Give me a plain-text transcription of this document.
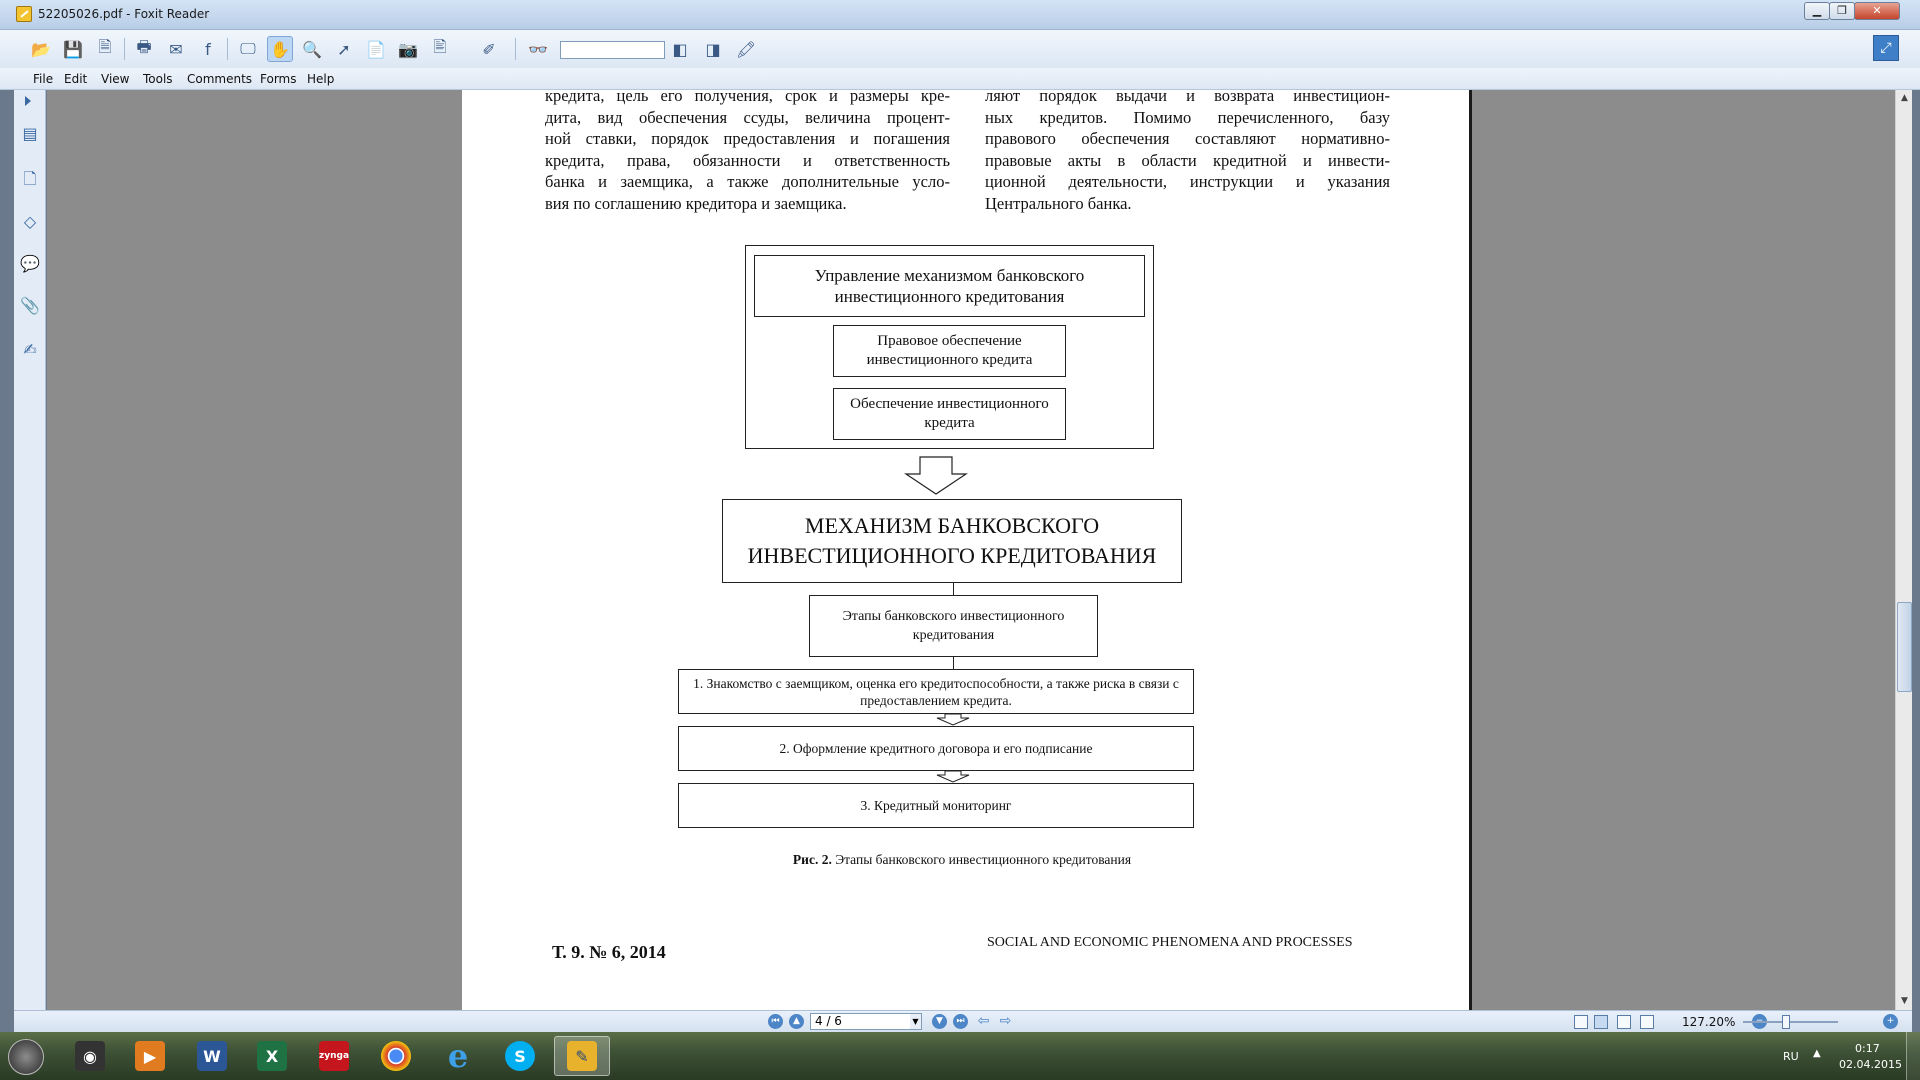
52205026.pdf - Foxit Reader	▁	❐	✕
📂 💾 🗎	🖶	✉	f	🖵 ✋ 🔍 ➚ 📄 📷 🖹	✐	👓	◧	◨ 🖍	⤢
File Edit View Tools Comments Forms Help
▤
🗋
◇
💬
📎
✍
кредита, цель его получения, срок и размеры кре-
дита, вид обеспечения ссуды, величина процент-
ной ставки, порядок предоставления и погашения
кредита, права, обязанности и ответственность
банка и заемщика, а также дополнительные усло-
вия по соглашению кредитора и заемщика.
ляют порядок выдачи и возврата инвестицион-
ных кредитов. Помимо перечисленного, базу
правового обеспечения составляют нормативно-
правовые акты в области кредитной и инвести-
ционной деятельности, инструкции и указания
Центрального банка.
Управление механизмом банковского инвестиционного кредитования
Правовое обеспечение инвестиционного кредита
Обеспечение инвестиционного кредита
МЕХАНИЗМ БАНКОВСКОГО ИНВЕСТИЦИОННОГО КРЕДИТОВАНИЯ
Этапы банковского инвестиционного кредитования
1. Знакомство с заемщиком, оценка его кредитоспособности, а также риска в связи с предоставлением кредита.
2. Оформление кредитного договора и его подписание
3. Кредитный мониторинг
Рис. 2. Этапы банковского инвестиционного кредитования
Т. 9. № 6, 2014	SOCIAL AND ECONOMIC PHENOMENA AND PROCESSES
▲
▼
⏮	▲	4 / 6	▼	▼	⏭ ⇦ ⇨	127.20%	+
◉	▶	W	X	zynga	e	S	✎	RU ▲	0:17
02.04.2015
